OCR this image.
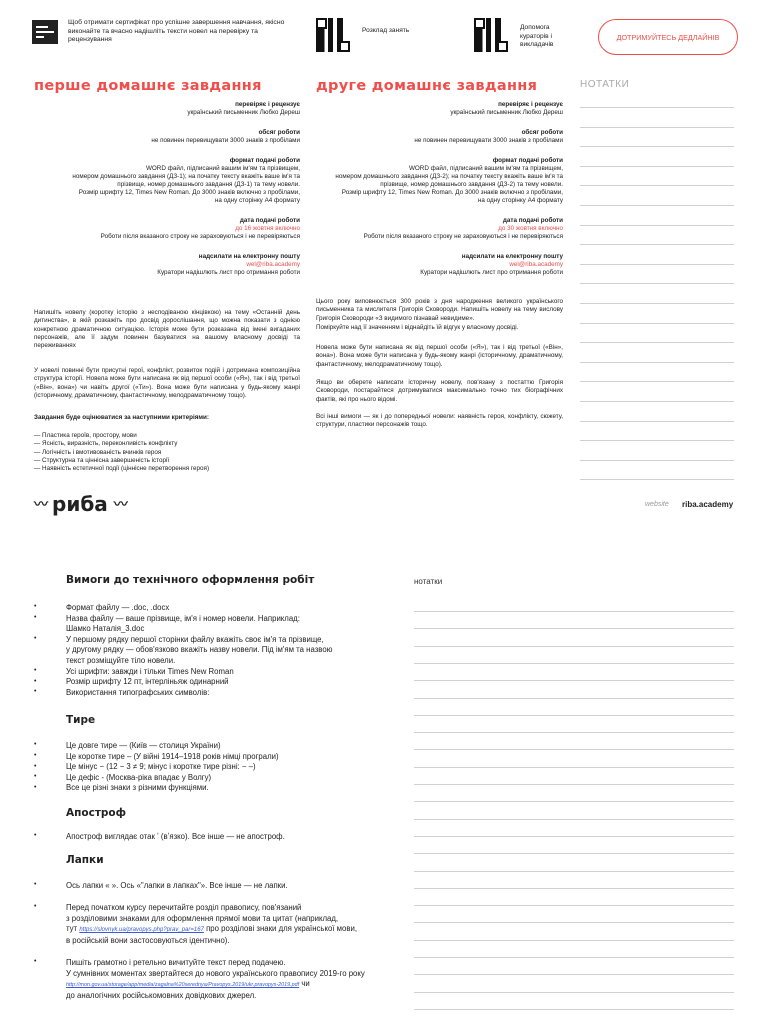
Щоб отримати сертифікат про успішне завершення навчання, якісно виконайте та вчасно надішліть тексти новел на перевірку та рецензування
Розклад занять	Допомога кураторів і викладачів
ДОТРИМУЙТЕСЬ ДЕДЛАЙНІВ
перше домашнє завдання
перевіряє і рецензує
український письменник Любко Дереш
обсяг роботи
не повинен перевищувати 3000 знаків з пробілами
формат подачі роботи
WORD файл, підписаний вашим ім'ям та прізвищем,
номером домашнього завдання (ДЗ-1); на початку тексту вкажіть ваше ім'я та
прізвище, номер домашнього завдання (ДЗ-1) та тему новели.
Розмір шрифту 12, Times New Roman. До 3000 знаків включно з пробілами,
на одну сторінку А4 формату
дата подачі роботи
до 16 жовтня включно
Роботи після вказаного строку не зараховуються і не перевіряються
надсилати на електронну пошту
wel@riba.academy
Куратори надішлють лист про отримання роботи
Напишіть новелу (коротку історію з несподіваною кінцівкою) на тему «Останній день дитинства», в якій розкажіть про досвід дорослішання, що можна показати з однією конкретною драматичною ситуацією. Історія може бути розказана від імені вигаданих персонажів, але її задум повинен базуватися на вашому власному досвіді та переживаннях
У новелі повинні бути присутні герої, конфлікт, розвиток подій і дотримана композиційна структура історії. Новела може бути написана як від першої особи («Я»), так і від третьої («Він», вона») чи навіть другої («Ти»). Вона може бути написана у будь-якому жанрі (історичному, драматичному, фантастичному, мелодраматичному тощо).
Завдання буде оцінюватися за наступними критеріями:
— Пластика героїв, простору, мови
— Ясність, виразність, переконливість конфлікту
— Логічність і вмотивованість вчинків героя
— Структурна та ціннісна завершеність історії
— Наявність естетичної події (ціннісне перетворення героя)
друге домашнє завдання
перевіряє і рецензує
український письменник Любко Дереш
обсяг роботи
не повинен перевищувати 3000 знаків з пробілами
формат подачі роботи
WORD файл, підписаний вашим ім'ям та прізвищем,
номером домашнього завдання (ДЗ-2); на початку тексту вкажіть ваше ім'я та
прізвище, номер домашнього завдання (ДЗ-2) та тему новели.
Розмір шрифту 12, Times New Roman. До 3000 знаків включно з пробілами,
на одну сторінку А4 формату
дата подачі роботи
до 30 жовтня включно
Роботи після вказаного строку не зараховуються і не перевіряються
надсилати на електронну пошту
wel@riba.academy
Куратори надішлють лист про отримання роботи
Цього року виповнюється 300 років з дня народження великого українського письменника та мислителя Григорія Сковороди. Напишіть новелу на тему вислову Григорія Сковороди «З видимого пізнавай невидиме».
Поміркуйте над її значенням і віднайдіть їй відгук у власному досвіді.
Новела може бути написана як від першої особи («Я»), так і від третьої («Він», вона»). Вона може бути написана у будь-якому жанрі (історичному, драматичному, фантастичному, мелодраматичному тощо).
Якщо ви оберете написати історичну новелу, пов'язану з постаттю Григорія Сковороди, постарайтеся дотримуватися максимально точно тих біографічних фактів, які про нього відомі.
Всі інші вимоги — як і до попередньої новели: наявність героя, конфлікту, сюжету, структури, пластики персонажів тощо.
НОТАТКИ
〰 риба 〰	website riba.academy
Вимоги до технічного оформлення робіт	нотатки
Формат файлу — .doc, .docx
Назва файлу — ваше прізвище, ім'я і номер новели. Наприклад:
Шамко Наталія_3.doc
У першому рядку першої сторінки файлу вкажіть своє ім'я та прізвище,
у другому рядку — обов'язково вкажіть назву новели. Під ім'ям та назвою
текст розміщуйте тіло новели.
Усі шрифти: завжди і тільки Times New Roman
Розмір шрифту 12 пт, інтерліньяж одинарний
Використання типографських символів:
•
•
•
•
•
•
Тире
Це довге тире — (Київ — столиця України)
Це коротке тире – (У війні 1914–1918 років німці програли)
Це мінус − (12 − 3 ≠ 9; мінус і коротке тире різні: − –)
Це дефіс - (Москва-ріка впадає у Волгу)
Все це різні знаки з різними функціями.
•
•
•
•
•
Апостроф
Апостроф виглядає отак ʼ (вʼязко). Все інше — не апостроф.
•
Лапки
Ось лапки « ». Ось «"лапки в лапках"». Все інше — не лапки.
•
Перед початком курсу перечитайте розділ правопису, пов'язаний
з розділовими знаками для оформлення прямої мови та цитат (наприклад,
тут https://slovnyk.ua/pravopys.php?prav_par=167 про розділові знаки для української мови,
в російській вони застосовуються ідентично).
•
Пишіть грамотно і ретельно вичитуйте текст перед подачею.
У сумнівних моментах звертайтеся до нового українського правопису 2019-го року
http://mon.gov.ua/storage/app/media/zagalna%20serednya/Pravopys.2019/ukr.pravopys-2019.pdf чи
до аналогічних російськомовних довідкових джерел.
•
